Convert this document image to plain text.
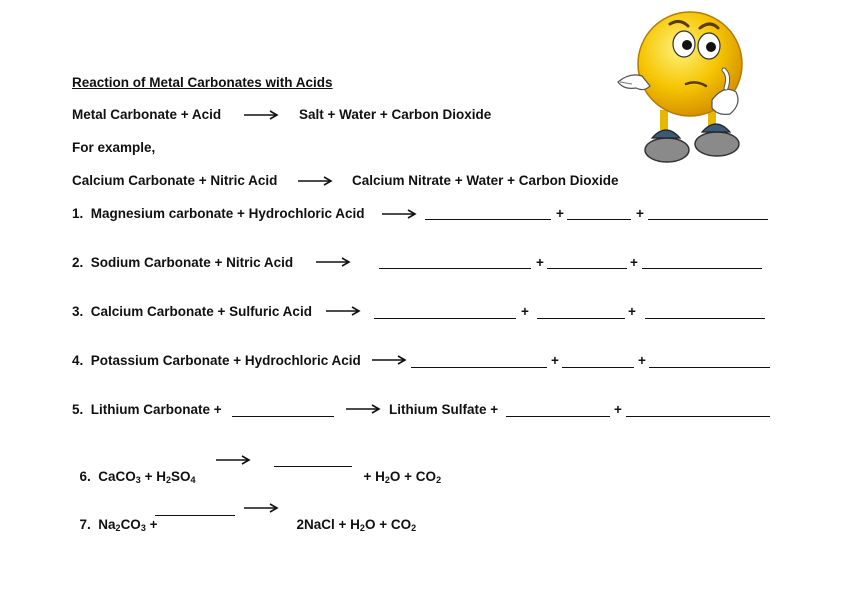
Reaction of Metal Carbonates with Acids
Metal Carbonate + Acid	Salt + Water + Carbon Dioxide
For example,
Calcium Carbonate + Nitric Acid	Calcium Nitrate + Water + Carbon Dioxide
1.  Magnesium carbonate + Hydrochloric Acid	+	+
2.  Sodium Carbonate + Nitric Acid	+	+
3.  Calcium Carbonate + Sulfuric Acid	+	+
4.  Potassium Carbonate + Hydrochloric Acid	+	+
5.  Lithium Carbonate +	Lithium Sulfate +	+

6.  CaCO$_3$ + $H_2SO_4$	+ $H_2O + CO_2$

7.  $Na_2CO_3$ +	2NaCl + $H_2O + CO_2$
